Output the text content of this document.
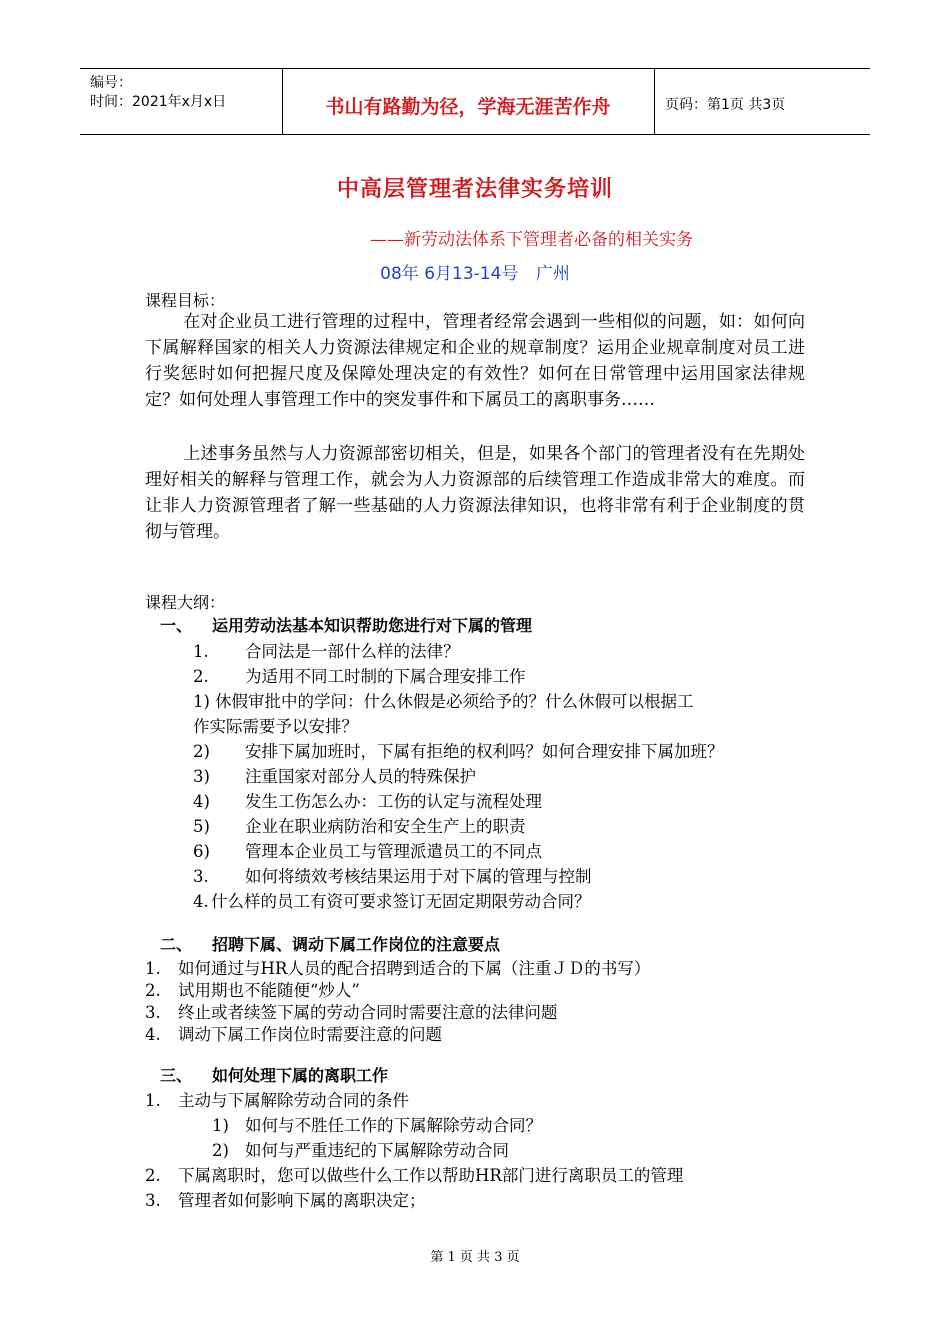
编号：
时间：2021年x月x日	书山有路勤为径，学海无涯苦作舟	页码：第1页 共3页
中高层管理者法律实务培训
——新劳动法体系下管理者必备的相关实务
08年 6月13-14号 广州
课程目标：
在对企业员工进行管理的过程中，管理者经常会遇到一些相似的问题，如：如何向下属解释国家的相关人力资源法律规定和企业的规章制度？运用企业规章制度对员工进行奖惩时如何把握尺度及保障处理决定的有效性？如何在日常管理中运用国家法律规定？如何处理人事管理工作中的突发事件和下属员工的离职事务……
上述事务虽然与人力资源部密切相关，但是，如果各个部门的管理者没有在先期处理好相关的解释与管理工作，就会为人力资源部的后续管理工作造成非常大的难度。而让非人力资源管理者了解一些基础的人力资源法律知识，也将非常有利于企业制度的贯彻与管理。
课程大纲：
一、 运用劳动法基本知识帮助您进行对下属的管理
1. 合同法是一部什么样的法律？
2. 为适用不同工时制的下属合理安排工作
1) 休假审批中的学问：什么休假是必须给予的？什么休假可以根据工
作实际需要予以安排？
2) 安排下属加班时，下属有拒绝的权利吗？如何合理安排下属加班？
3) 注重国家对部分人员的特殊保护
4) 发生工伤怎么办：工伤的认定与流程处理
5) 企业在职业病防治和安全生产上的职责
6) 管理本企业员工与管理派遣员工的不同点
3. 如何将绩效考核结果运用于对下属的管理与控制
4. 什么样的员工有资可要求签订无固定期限劳动合同？
二、 招聘下属、调动下属工作岗位的注意要点
1. 如何通过与HR人员的配合招聘到适合的下属（注重ＪＤ的书写）
2. 试用期也不能随便“炒人”
3. 终止或者续签下属的劳动合同时需要注意的法律问题
4. 调动下属工作岗位时需要注意的问题
三、 如何处理下属的离职工作
1. 主动与下属解除劳动合同的条件
1) 如何与不胜任工作的下属解除劳动合同？
2) 如何与严重违纪的下属解除劳动合同
2. 下属离职时，您可以做些什么工作以帮助HR部门进行离职员工的管理
3. 管理者如何影响下属的离职决定；
第 1 页 共 3 页
